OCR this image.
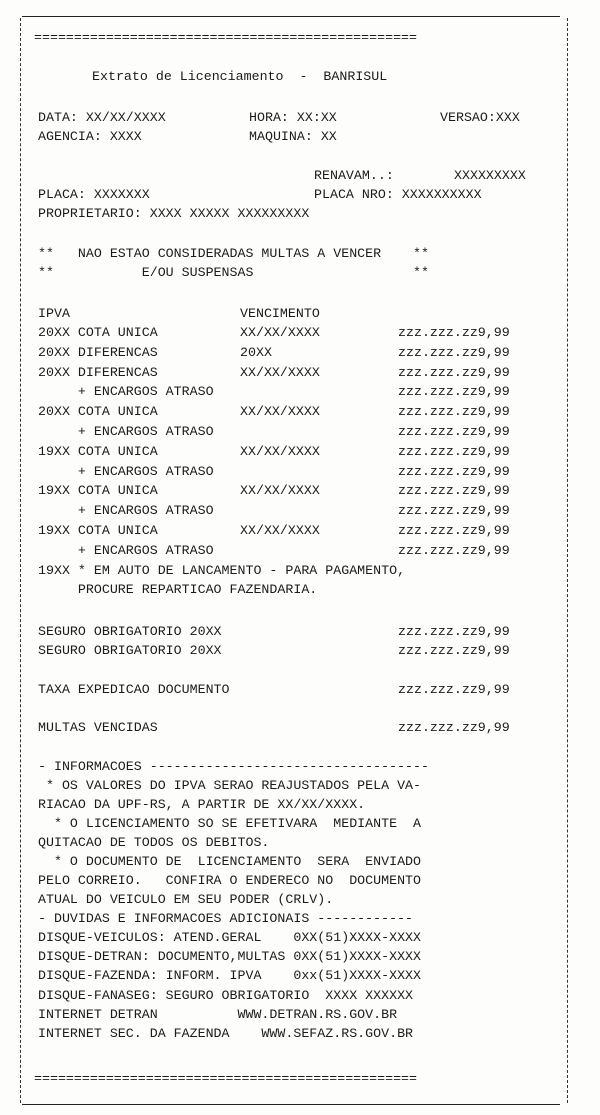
================================================
Extrato de Licenciamento  -  BANRISUL
DATA: XX/XX/XXXX	HORA: XX:XX	VERSAO:XXX
AGENCIA: XXXX	MAQUINA: XX
RENAVAM..:	XXXXXXXXX
PLACA: XXXXXXX	PLACA NRO: XXXXXXXXXX
PROPRIETARIO: XXXX XXXXX XXXXXXXXX
**   NAO ESTAO CONSIDERADAS MULTAS A VENCER    **
**           E/OU SUSPENSAS                    **
IPVA	VENCIMENTO
20XX COTA UNICA	XX/XX/XXXX	zzz.zzz.zz9,99
20XX DIFERENCAS	20XX	zzz.zzz.zz9,99
20XX DIFERENCAS	XX/XX/XXXX	zzz.zzz.zz9,99
+ ENCARGOS ATRASO	zzz.zzz.zz9,99
20XX COTA UNICA	XX/XX/XXXX	zzz.zzz.zz9,99
+ ENCARGOS ATRASO	zzz.zzz.zz9,99
19XX COTA UNICA	XX/XX/XXXX	zzz.zzz.zz9,99
+ ENCARGOS ATRASO	zzz.zzz.zz9,99
19XX COTA UNICA	XX/XX/XXXX	zzz.zzz.zz9,99
+ ENCARGOS ATRASO	zzz.zzz.zz9,99
19XX COTA UNICA	XX/XX/XXXX	zzz.zzz.zz9,99
+ ENCARGOS ATRASO	zzz.zzz.zz9,99
19XX * EM AUTO DE LANCAMENTO - PARA PAGAMENTO,
PROCURE REPARTICAO FAZENDARIA.
SEGURO OBRIGATORIO 20XX	zzz.zzz.zz9,99
SEGURO OBRIGATORIO 20XX	zzz.zzz.zz9,99
TAXA EXPEDICAO DOCUMENTO	zzz.zzz.zz9,99
MULTAS VENCIDAS	zzz.zzz.zz9,99
- INFORMACOES -----------------------------------
* OS VALORES DO IPVA SERAO REAJUSTADOS PELA VA-
RIACAO DA UPF-RS, A PARTIR DE XX/XX/XXXX.
* O LICENCIAMENTO SO SE EFETIVARA  MEDIANTE  A
QUITACAO DE TODOS OS DEBITOS.
* O DOCUMENTO DE  LICENCIAMENTO  SERA  ENVIADO
PELO CORREIO.   CONFIRA O ENDERECO NO  DOCUMENTO
ATUAL DO VEICULO EM SEU PODER (CRLV).
- DUVIDAS E INFORMACOES ADICIONAIS ------------
DISQUE-VEICULOS: ATEND.GERAL    0XX(51)XXXX-XXXX
DISQUE-DETRAN: DOCUMENTO,MULTAS 0XX(51)XXXX-XXXX
DISQUE-FAZENDA: INFORM. IPVA    0xx(51)XXXX-XXXX
DISQUE-FANASEG: SEGURO OBRIGATORIO  XXXX XXXXXX
INTERNET DETRAN          WWW.DETRAN.RS.GOV.BR
INTERNET SEC. DA FAZENDA    WWW.SEFAZ.RS.GOV.BR
================================================
